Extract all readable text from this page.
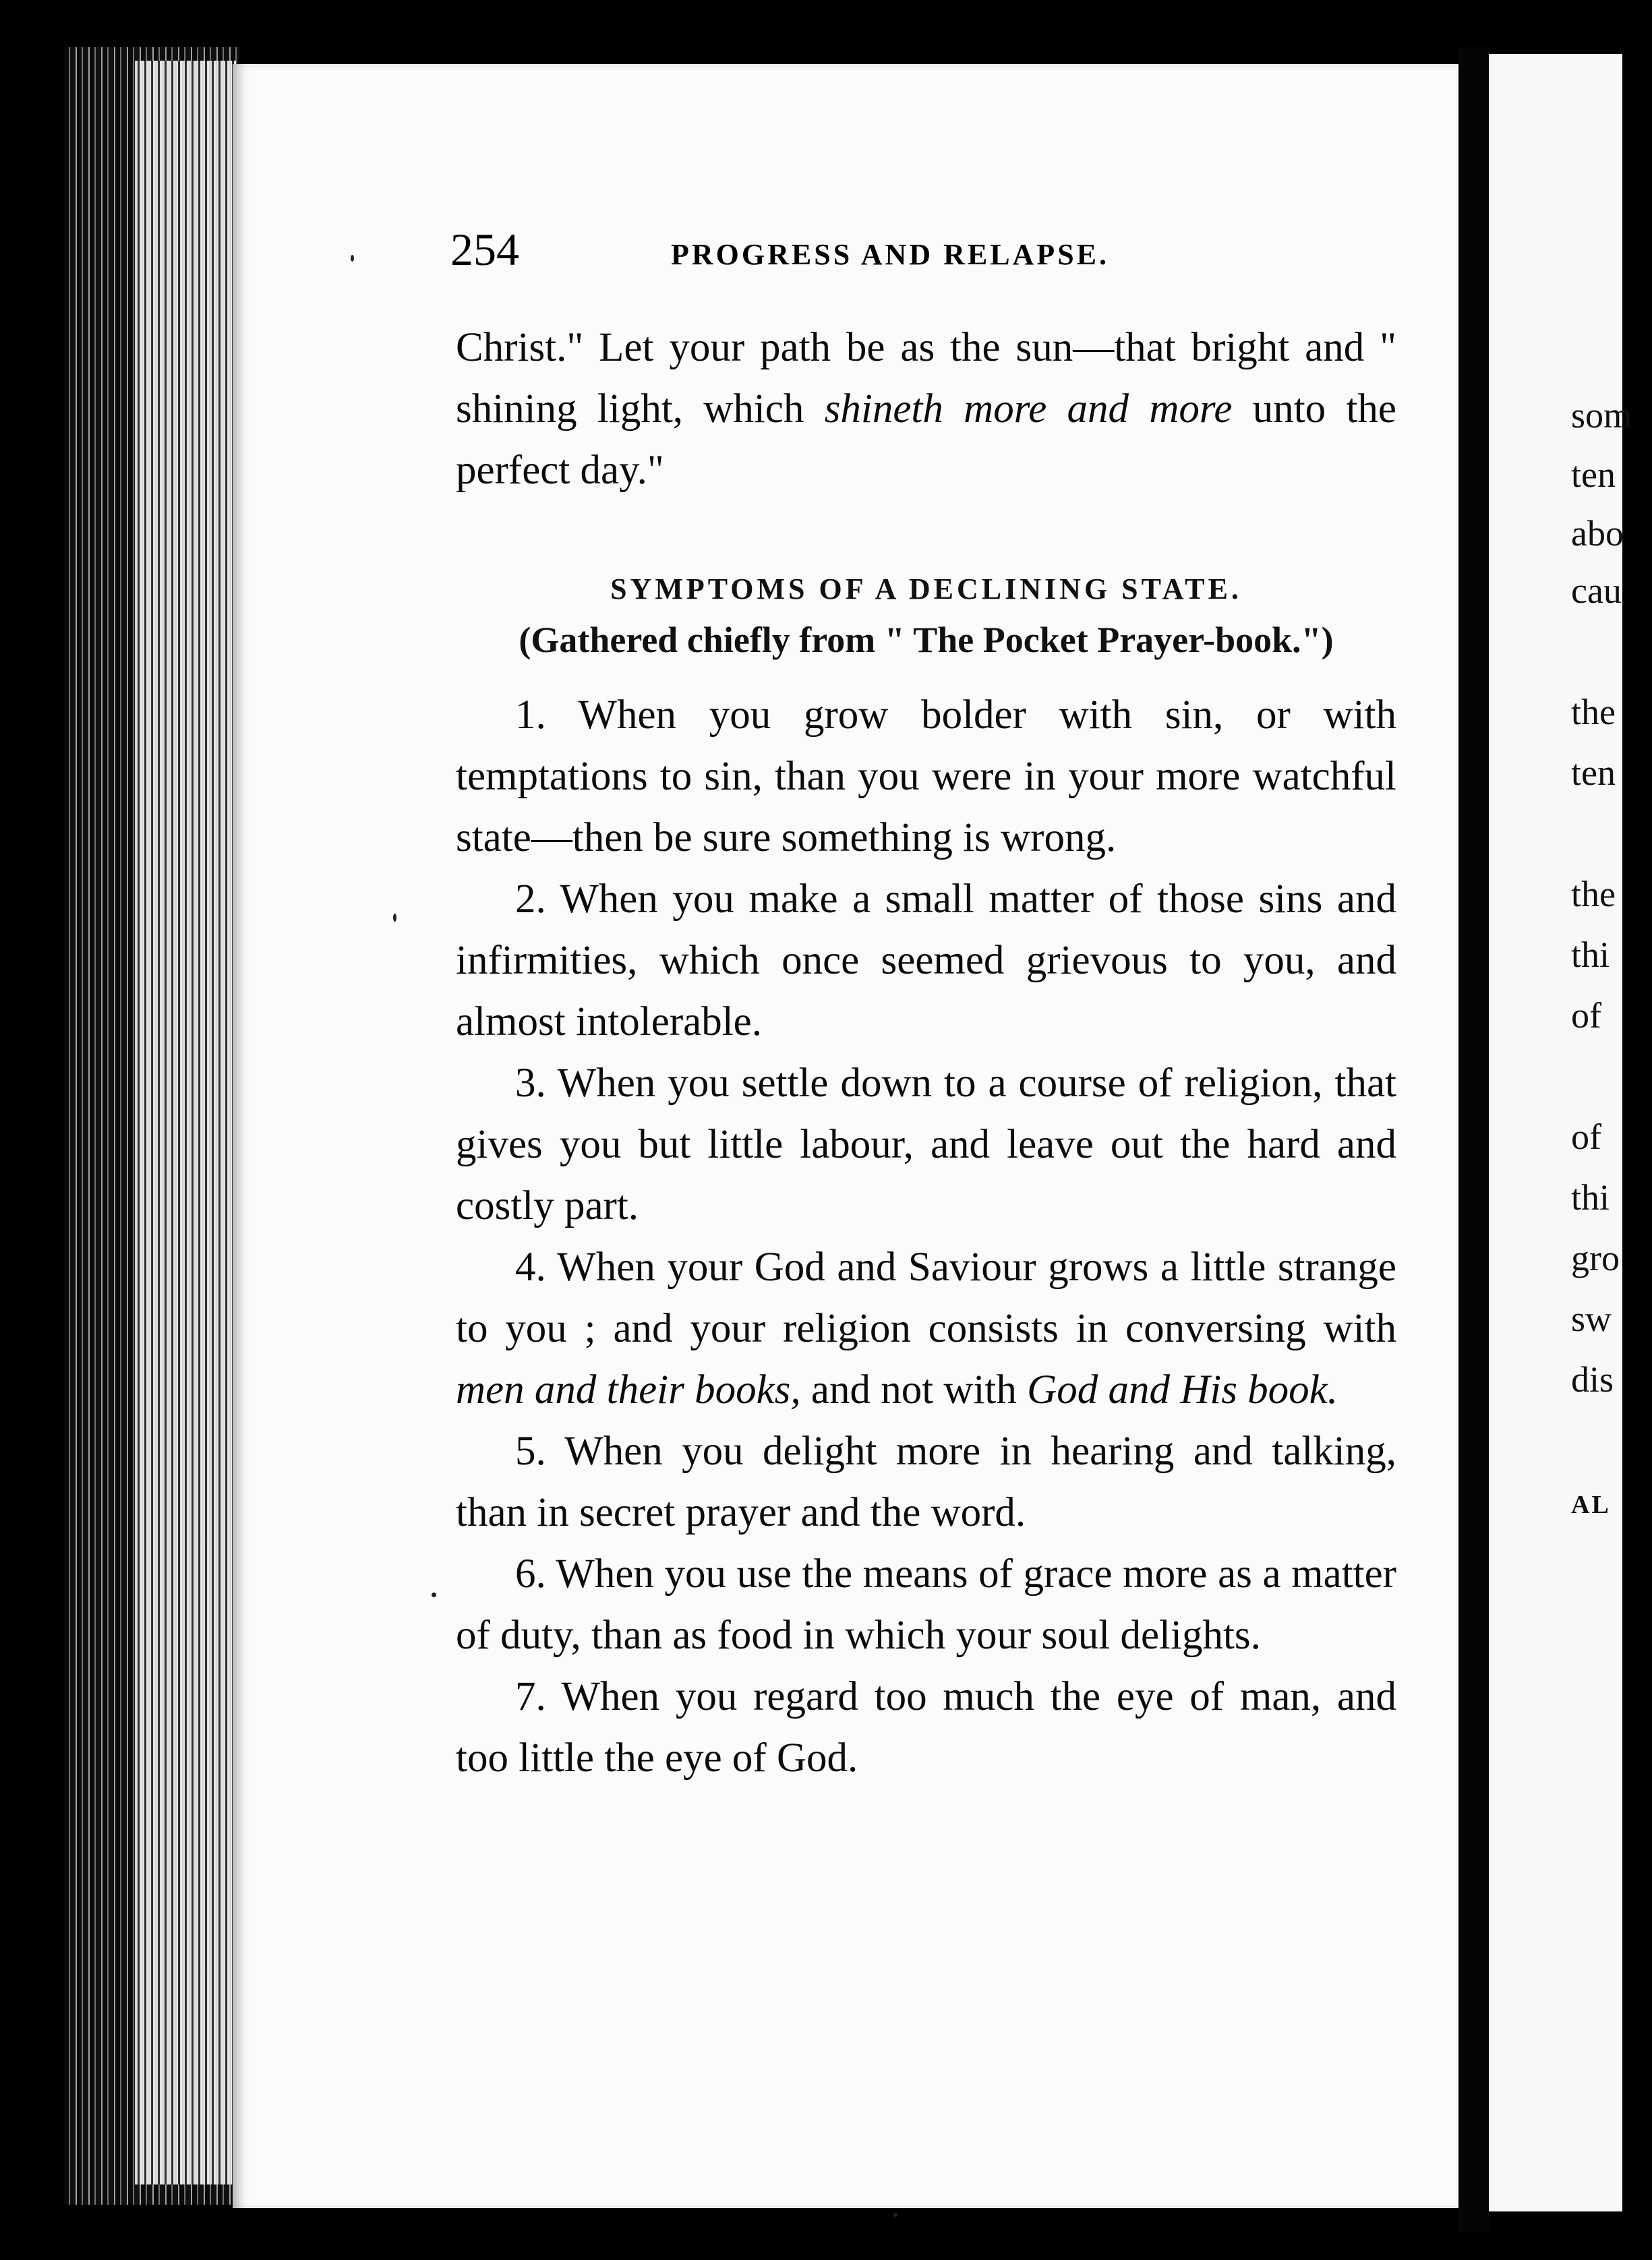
som
ten
abo
cau
the
ten
the
thi
of
of
thi
gro
sw
dis
AL
254	PROGRESS AND RELAPSE.

Christ." Let your path be as the sun—that bright and " shining light, which shineth more and more unto the perfect day."

SYMPTOMS OF A DECLINING STATE.
(Gathered chiefly from " The Pocket Prayer-book.")

1. When you grow bolder with sin, or with temptations to sin, than you were in your more watchful state—then be sure something is wrong.

2. When you make a small matter of those sins and infirmities, which once seemed grievous to you, and almost intolerable.

3. When you settle down to a course of religion, that gives you but little labour, and leave out the hard and costly part.

4. When your God and Saviour grows a little strange to you ; and your religion consists in conversing with men and their books, and not with God and His book.

5. When you delight more in hearing and talking, than in secret prayer and the word.

6. When you use the means of grace more as a matter of duty, than as food in which your soul delights.

7. When you regard too much the eye of man, and too little the eye of God.
